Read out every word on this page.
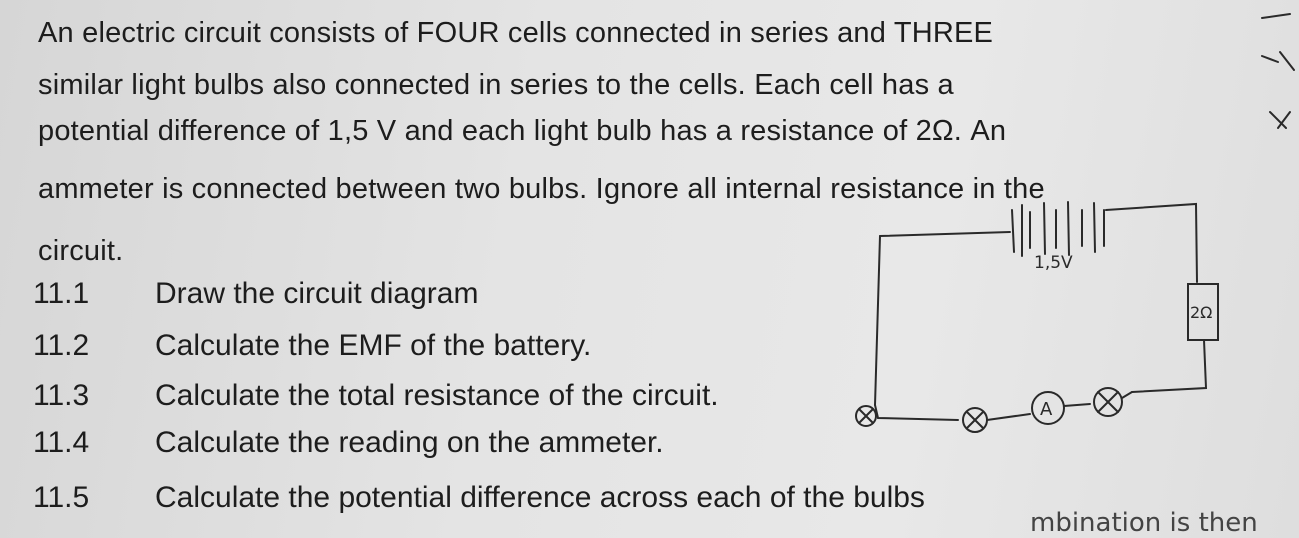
1,5V
2Ω
A
An electric circuit consists of FOUR cells connected in series and THREE
similar light bulbs also connected in series to the cells. Each cell has a
potential difference of 1,5 V and each light bulb has a resistance of 2Ω. An
ammeter is connected between two bulbs. Ignore all internal resistance in the
circuit.
11.1 Draw the circuit diagram
11.2 Calculate the EMF of the battery.
11.3 Calculate the total resistance of the circuit.
11.4 Calculate the reading on the ammeter.
11.5 Calculate the potential difference across each of the bulbs
mbination is then
